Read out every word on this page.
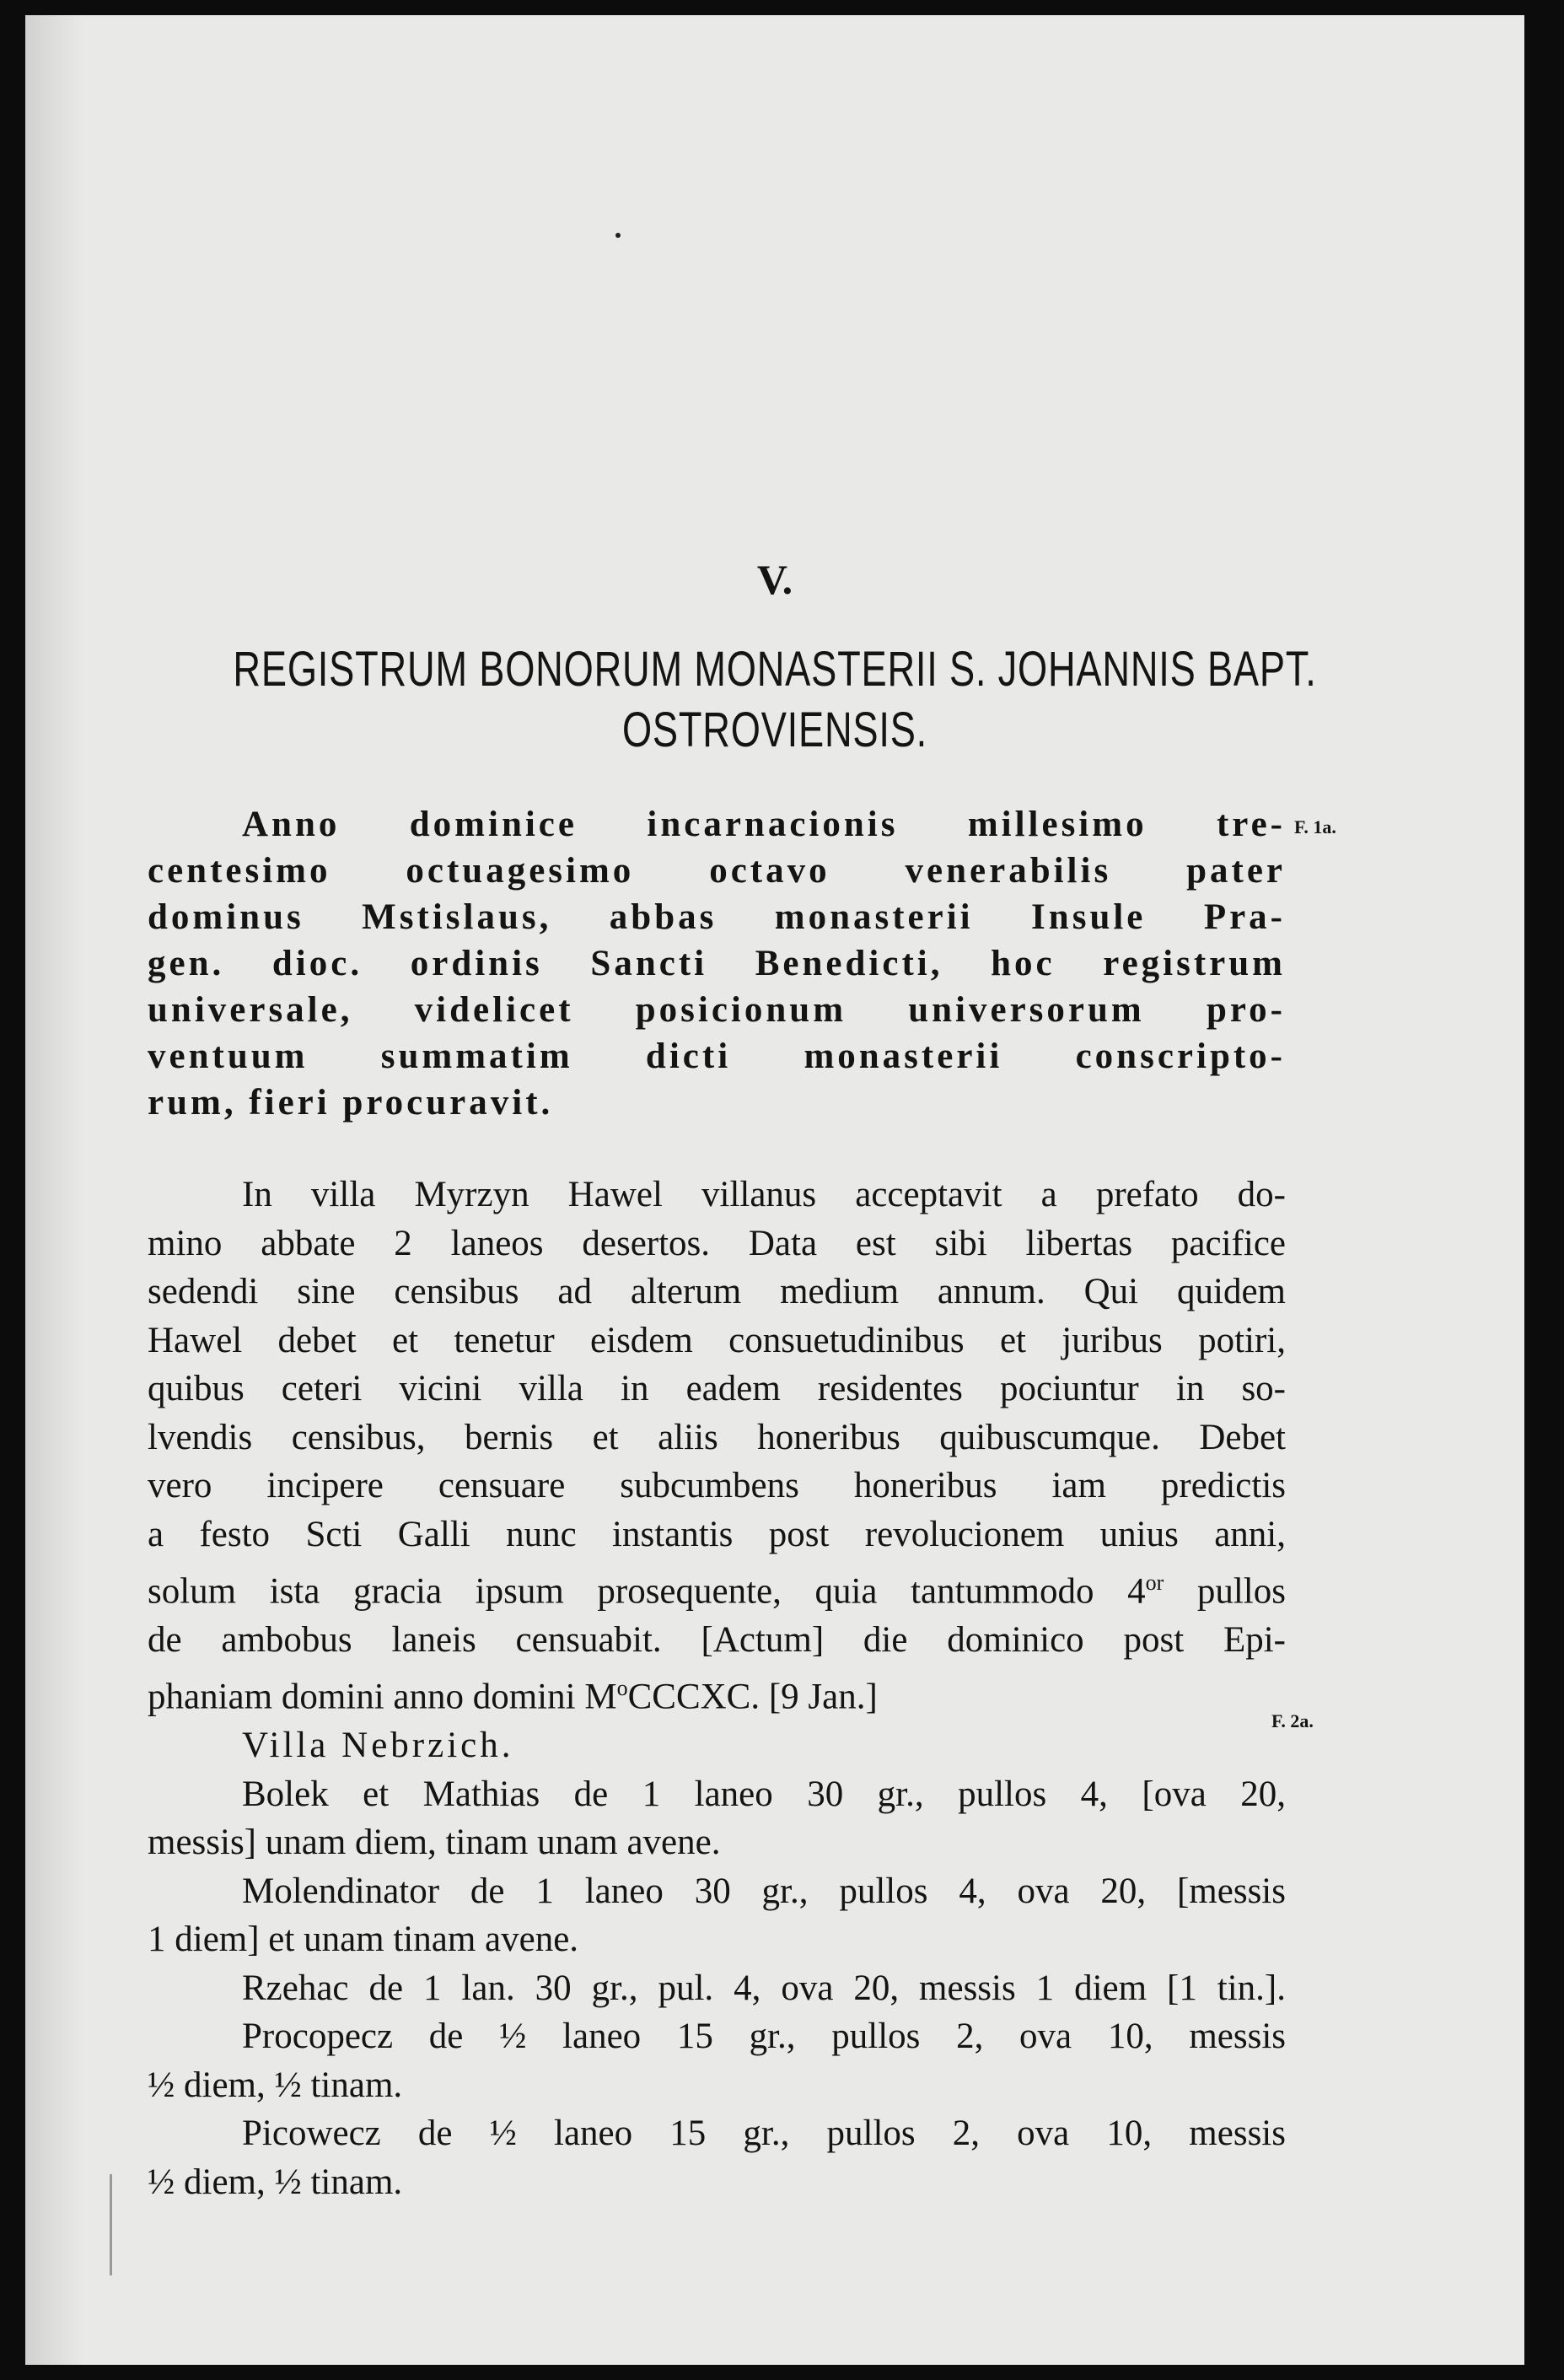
V.
REGISTRUM BONORUM MONASTERII S. JOHANNIS BAPT.
OSTROVIENSIS.
F. 1a.
F. 2a.
Anno dominice incarnacionis millesimo tre-
centesimo octuagesimo octavo venerabilis pater
dominus Mstislaus, abbas monasterii Insule Pra-
gen. dioc. ordinis Sancti Benedicti, hoc registrum
universale, videlicet posicionum universorum pro-
ventuum summatim dicti monasterii conscripto-
rum, fieri procuravit.
In villa Myrzyn Hawel villanus acceptavit a prefato do-
mino abbate 2 laneos desertos. Data est sibi libertas pacifice
sedendi sine censibus ad alterum medium annum. Qui quidem
Hawel debet et tenetur eisdem consuetudinibus et juribus potiri,
quibus ceteri vicini villa in eadem residentes pociuntur in so-
lvendis censibus, bernis et aliis honeribus quibuscumque. Debet
vero incipere censuare subcumbens honeribus iam predictis
a festo Scti Galli nunc instantis post revolucionem unius anni,
solum ista gracia ipsum prosequente, quia tantummodo $4^{or}$ pullos
de ambobus laneis censuabit. [Actum] die dominico post Epi-
phaniam domini anno domini $M^oCCCXC$. [9 Jan.]
Villa Nebrzich.
Bolek et Mathias de 1 laneo 30 gr., pullos 4, [ova 20,
messis] unam diem, tinam unam avene.
Molendinator de 1 laneo 30 gr., pullos 4, ova 20, [messis
1 diem] et unam tinam avene.
Rzehac de 1 lan. 30 gr., pul. 4, ova 20, messis 1 diem [1 tin.].
Procopecz de ½ laneo 15 gr., pullos 2, ova 10, messis
½ diem, ½ tinam.
Picowecz de ½ laneo 15 gr., pullos 2, ova 10, messis
½ diem, ½ tinam.
